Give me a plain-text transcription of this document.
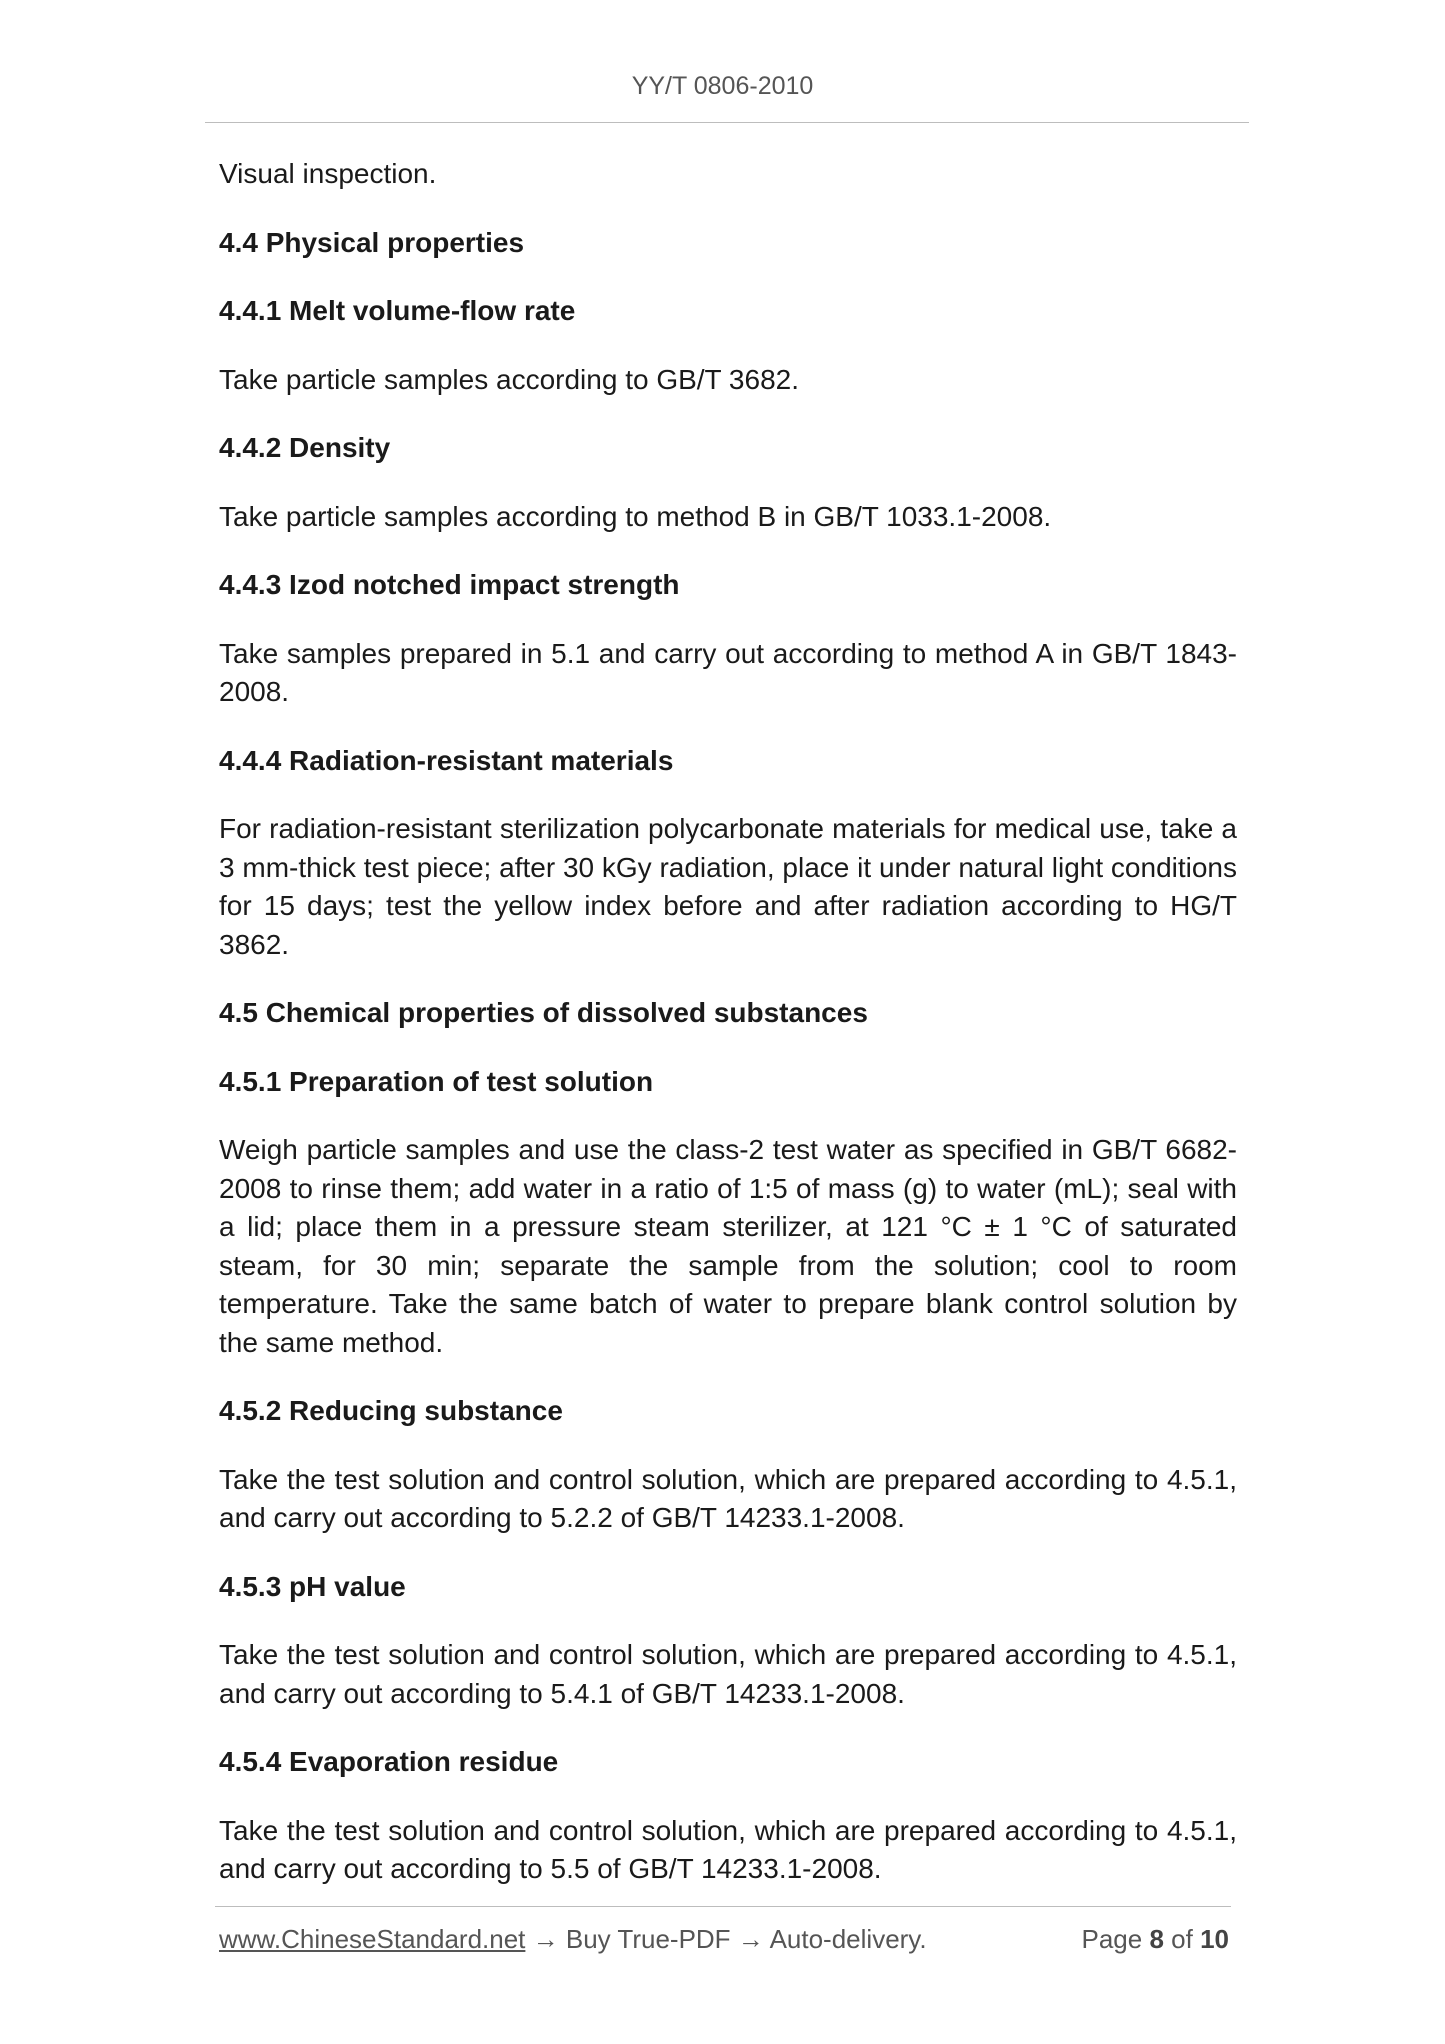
YY/T 0806-2010

Visual inspection.

4.4 Physical properties

4.4.1 Melt volume-flow rate

Take particle samples according to GB/T 3682.

4.4.2 Density

Take particle samples according to method B in GB/T 1033.1-2008.

4.4.3 Izod notched impact strength

Take samples prepared in 5.1 and carry out according to method A in GB/T 1843-2008.

4.4.4 Radiation-resistant materials

For radiation-resistant sterilization polycarbonate materials for medical use, take a 3 mm-thick test piece; after 30 kGy radiation, place it under natural light conditions for 15 days; test the yellow index before and after radiation according to HG/T 3862.

4.5 Chemical properties of dissolved substances

4.5.1 Preparation of test solution

Weigh particle samples and use the class-2 test water as specified in GB/T 6682-2008 to rinse them; add water in a ratio of 1:5 of mass (g) to water (mL); seal with a lid; place them in a pressure steam sterilizer, at 121 °C ± 1 °C of saturated steam, for 30 min; separate the sample from the solution; cool to room temperature. Take the same batch of water to prepare blank control solution by the same method.

4.5.2 Reducing substance

Take the test solution and control solution, which are prepared according to 4.5.1, and carry out according to 5.2.2 of GB/T 14233.1-2008.

4.5.3 pH value

Take the test solution and control solution, which are prepared according to 4.5.1, and carry out according to 5.4.1 of GB/T 14233.1-2008.

4.5.4 Evaporation residue

Take the test solution and control solution, which are prepared according to 4.5.1, and carry out according to 5.5 of GB/T 14233.1-2008.

www.ChineseStandard.net → Buy True-PDF → Auto-delivery.	Page 8 of 10
